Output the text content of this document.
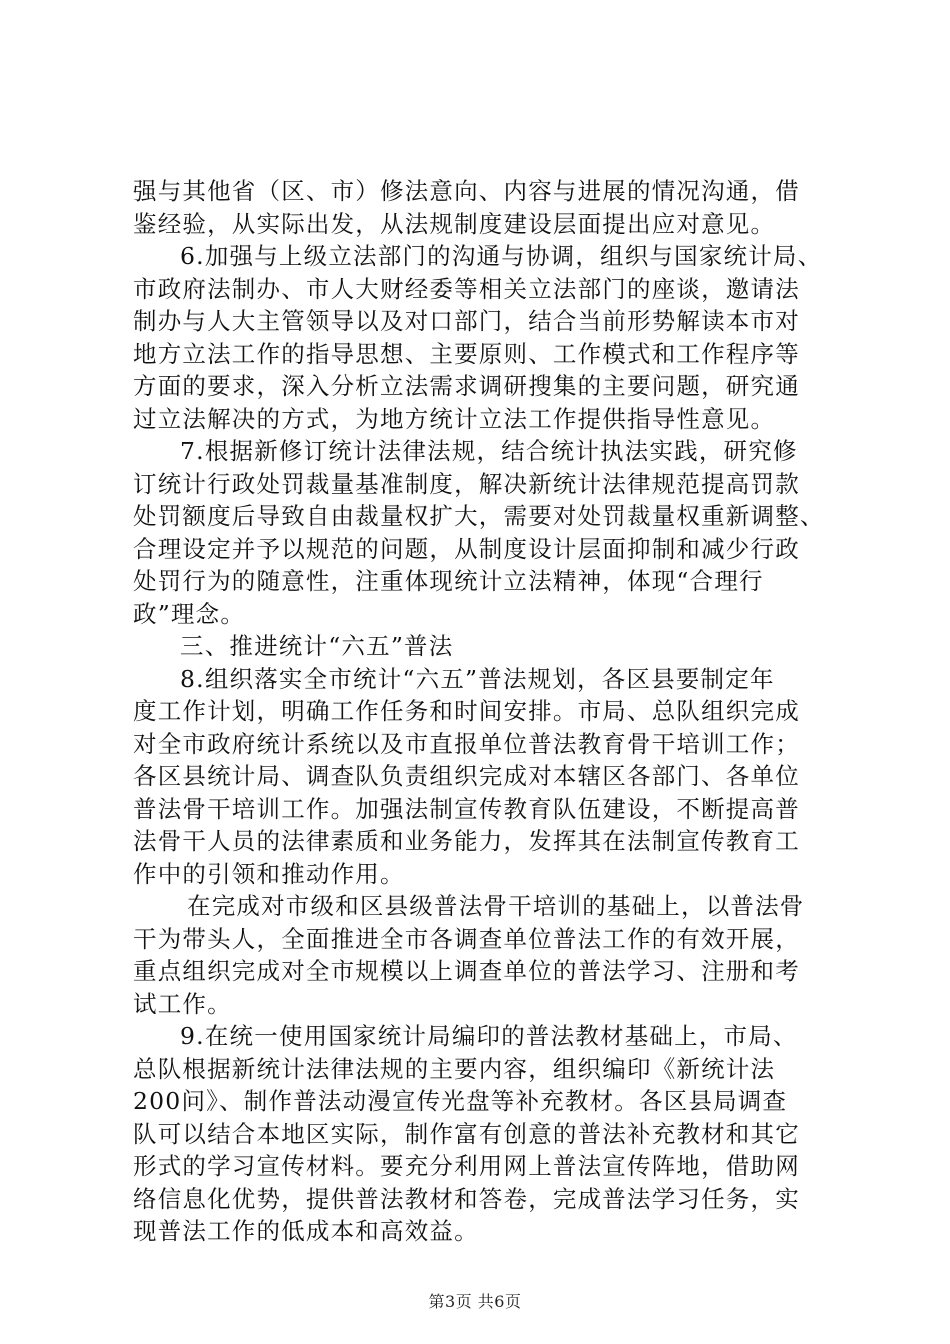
强与其他省（区、市）修法意向、内容与进展的情况沟通，借
鉴经验，从实际出发，从法规制度建设层面提出应对意见。
6.加强与上级立法部门的沟通与协调，组织与国家统计局、
市政府法制办、市人大财经委等相关立法部门的座谈，邀请法
制办与人大主管领导以及对口部门，结合当前形势解读本市对
地方立法工作的指导思想、主要原则、工作模式和工作程序等
方面的要求，深入分析立法需求调研搜集的主要问题，研究通
过立法解决的方式，为地方统计立法工作提供指导性意见。
7.根据新修订统计法律法规，结合统计执法实践，研究修
订统计行政处罚裁量基准制度，解决新统计法律规范提高罚款
处罚额度后导致自由裁量权扩大，需要对处罚裁量权重新调整、
合理设定并予以规范的问题，从制度设计层面抑制和减少行政
处罚行为的随意性，注重体现统计立法精神，体现“合理行
政”理念。
三、推进统计“六五”普法
8.组织落实全市统计“六五”普法规划，各区县要制定年
度工作计划，明确工作任务和时间安排。市局、总队组织完成
对全市政府统计系统以及市直报单位普法教育骨干培训工作；
各区县统计局、调查队负责组织完成对本辖区各部门、各单位
普法骨干培训工作。加强法制宣传教育队伍建设，不断提高普
法骨干人员的法律素质和业务能力，发挥其在法制宣传教育工
作中的引领和推动作用。
在完成对市级和区县级普法骨干培训的基础上，以普法骨
干为带头人，全面推进全市各调查单位普法工作的有效开展，
重点组织完成对全市规模以上调查单位的普法学习、注册和考
试工作。
9.在统一使用国家统计局编印的普法教材基础上，市局、
总队根据新统计法律法规的主要内容，组织编印《新统计法
200问》、制作普法动漫宣传光盘等补充教材。各区县局调查
队可以结合本地区实际，制作富有创意的普法补充教材和其它
形式的学习宣传材料。要充分利用网上普法宣传阵地，借助网
络信息化优势，提供普法教材和答卷，完成普法学习任务，实
现普法工作的低成本和高效益。
第3页 共6页
